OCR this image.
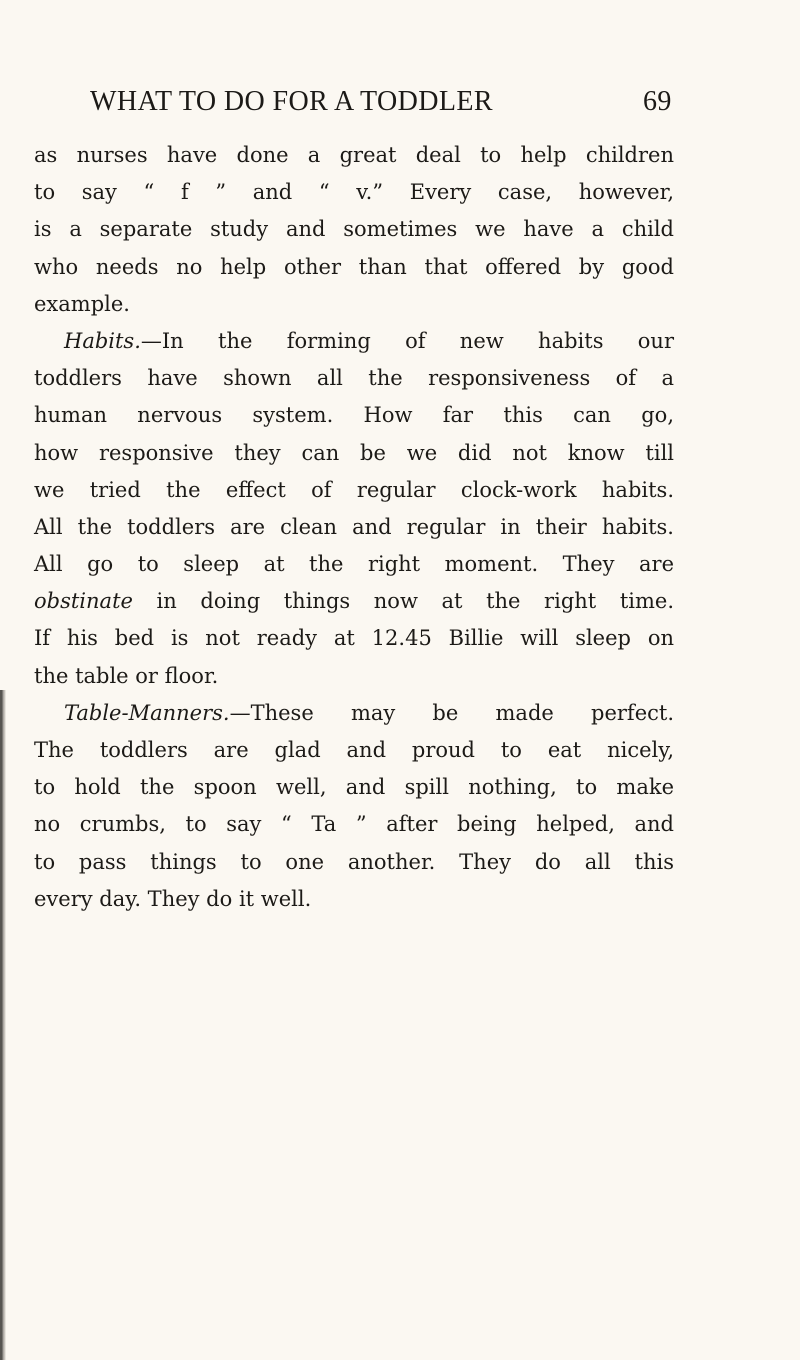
WHAT TO DO FOR A TODDLER	69
as nurses have done a great deal to help children
to say “ f ” and “ v.” Every case, however,
is a separate study and sometimes we have a child
who needs no help other than that offered by good
example.
Habits.—In the forming of new habits our
toddlers have shown all the responsiveness of a
human nervous system. How far this can go,
how responsive they can be we did not know till
we tried the effect of regular clock-work habits.
All the toddlers are clean and regular in their habits.
All go to sleep at the right moment. They are
obstinate in doing things now at the right time.
If his bed is not ready at 12.45 Billie will sleep on
the table or floor.
Table-Manners.—These may be made perfect.
The toddlers are glad and proud to eat nicely,
to hold the spoon well, and spill nothing, to make
no crumbs, to say “ Ta ” after being helped, and
to pass things to one another. They do all this
every day. They do it well.
